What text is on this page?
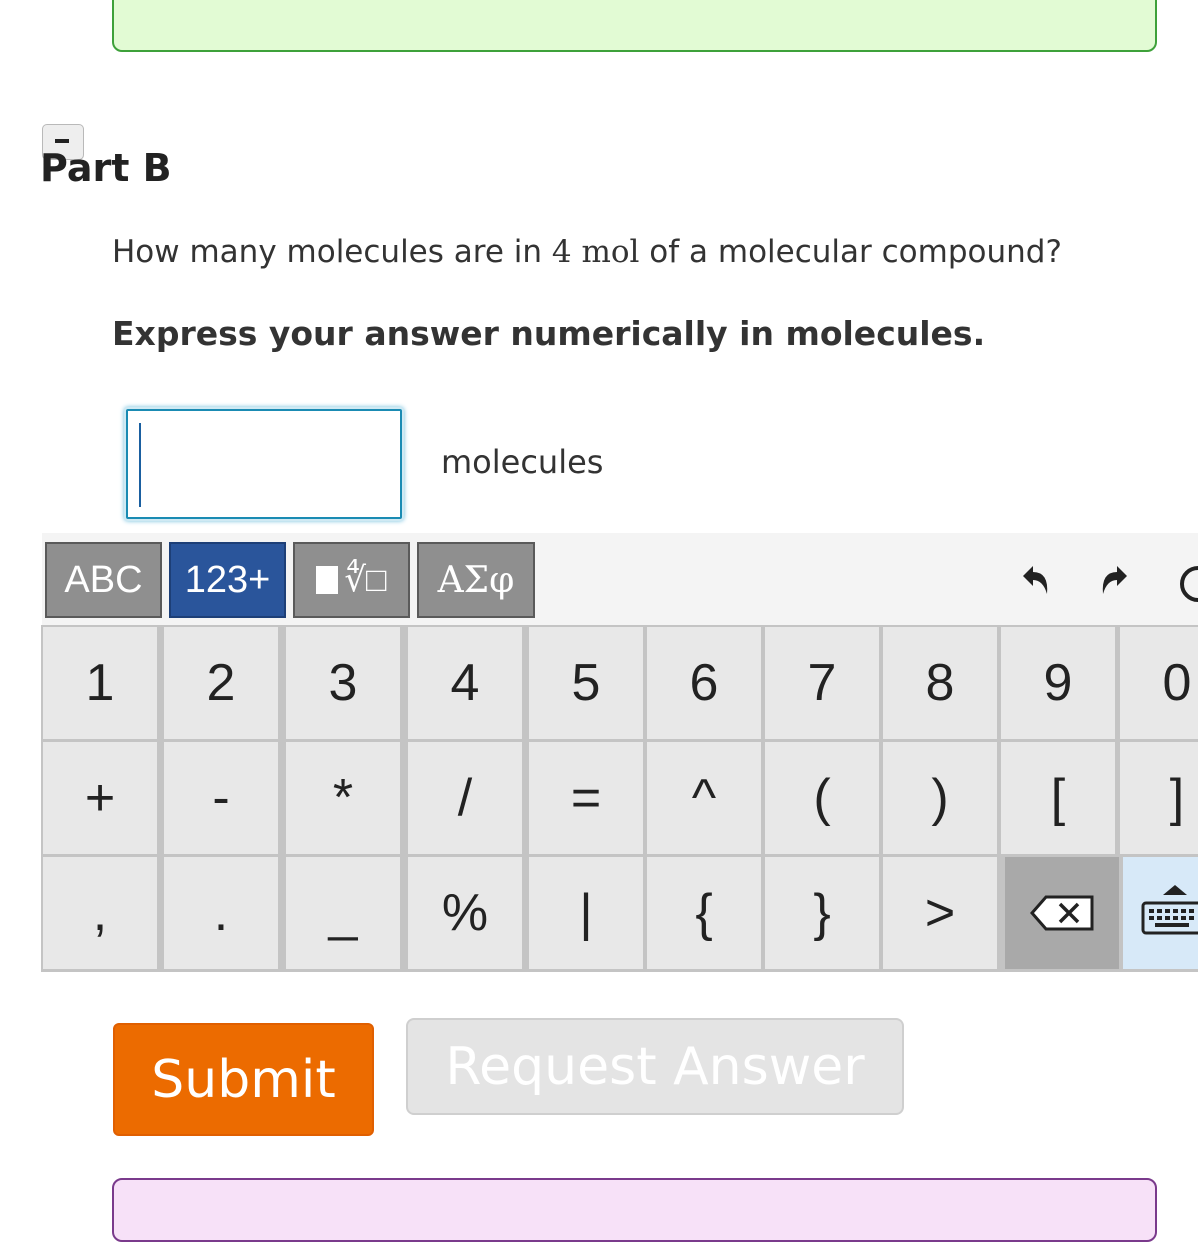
Part B
How many molecules are in 4 mol of a molecular compound?
Express your answer numerically in molecules.
molecules
ABC	123+	∜□	ΑΣφ
1	2	3	4	5	6	7	8	9	0
+	-	*	/	=	^	(	)	[	]
,	.	_	%	|	{	}	>
Submit	Request Answer
